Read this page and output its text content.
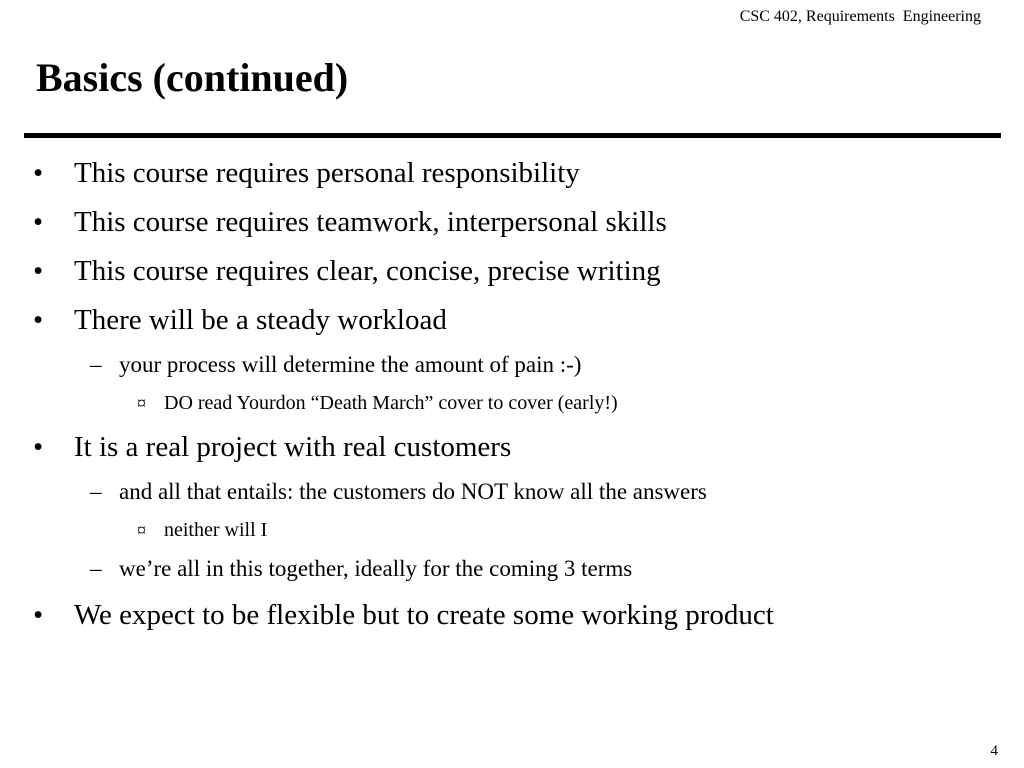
CSC 402, Requirements  Engineering
Basics (continued)
• This course requires personal responsibility
• This course requires teamwork, interpersonal skills
• This course requires clear, concise, precise writing
• There will be a steady workload
– your process will determine the amount of pain :-)
¤ DO read Yourdon “Death March” cover to cover (early!)
• It is a real project with real customers
– and all that entails: the customers do NOT know all the answers
¤ neither will I
– we’re all in this together, ideally for the coming 3 terms
• We expect to be flexible but to create some working product
4
